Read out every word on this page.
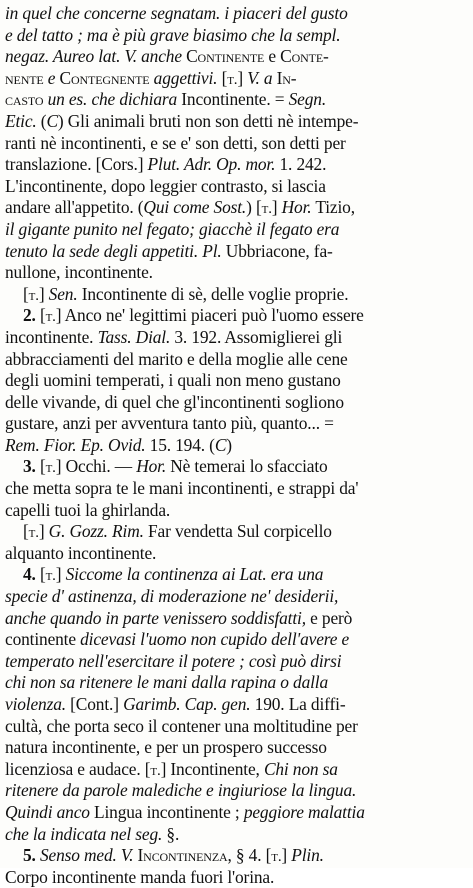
in quel che concerne segnatam. i piaceri del gusto
e del tatto ; ma è più grave biasimo che la sempl.
negaz. Aureo lat. V. anche Continente e Conte-
nente e Contegnente aggettivi. [t.] V. a In-
casto un es. che dichiara Incontinente. = Segn.
Etic. (C) Gli animali bruti non son detti nè intempe-
ranti nè incontinenti, e se e' son detti, son detti per
translazione. [Cors.] Plut. Adr. Op. mor. 1. 242.
L'incontinente, dopo leggier contrasto, si lascia
andare all'appetito. (Qui come Sost.) [t.] Hor. Tizio,
il gigante punito nel fegato; giacchè il fegato era
tenuto la sede degli appetiti. Pl. Ubbriacone, fa-
nullone, incontinente.
[t.] Sen. Incontinente di sè, delle voglie proprie.
2. [t.] Anco ne' legittimi piaceri può l'uomo essere
incontinente. Tass. Dial. 3. 192. Assomiglierei gli
abbracciamenti del marito e della moglie alle cene
degli uomini temperati, i quali non meno gustano
delle vivande, di quel che gl'incontinenti sogliono
gustare, anzi per avventura tanto più, quanto... =
Rem. Fior. Ep. Ovid. 15. 194. (C)
3. [t.] Occhi. — Hor. Nè temerai lo sfacciato
che metta sopra te le mani incontinenti, e strappi da'
capelli tuoi la ghirlanda.
[t.] G. Gozz. Rim. Far vendetta Sul corpicello
alquanto incontinente.
4. [t.] Siccome la continenza ai Lat. era una
specie d' astinenza, di moderazione ne' desiderii,
anche quando in parte venissero soddisfatti, e però
continente dicevasi l'uomo non cupido dell'avere e
temperato nell'esercitare il potere ; così può dirsi
chi non sa ritenere le mani dalla rapina o dalla
violenza. [Cont.] Garimb. Cap. gen. 190. La diffi-
cultà, che porta seco il contener una moltitudine per
natura incontinente, e per un prospero successo
licenziosa e audace. [t.] Incontinente, Chi non sa
ritenere da parole malediche e ingiuriose la lingua.
Quindi anco Lingua incontinente ; peggiore malattia
che la indicata nel seg. §.
5. Senso med. V. Incontinenza, § 4. [t.] Plin.
Corpo incontinente manda fuori l'orina.
